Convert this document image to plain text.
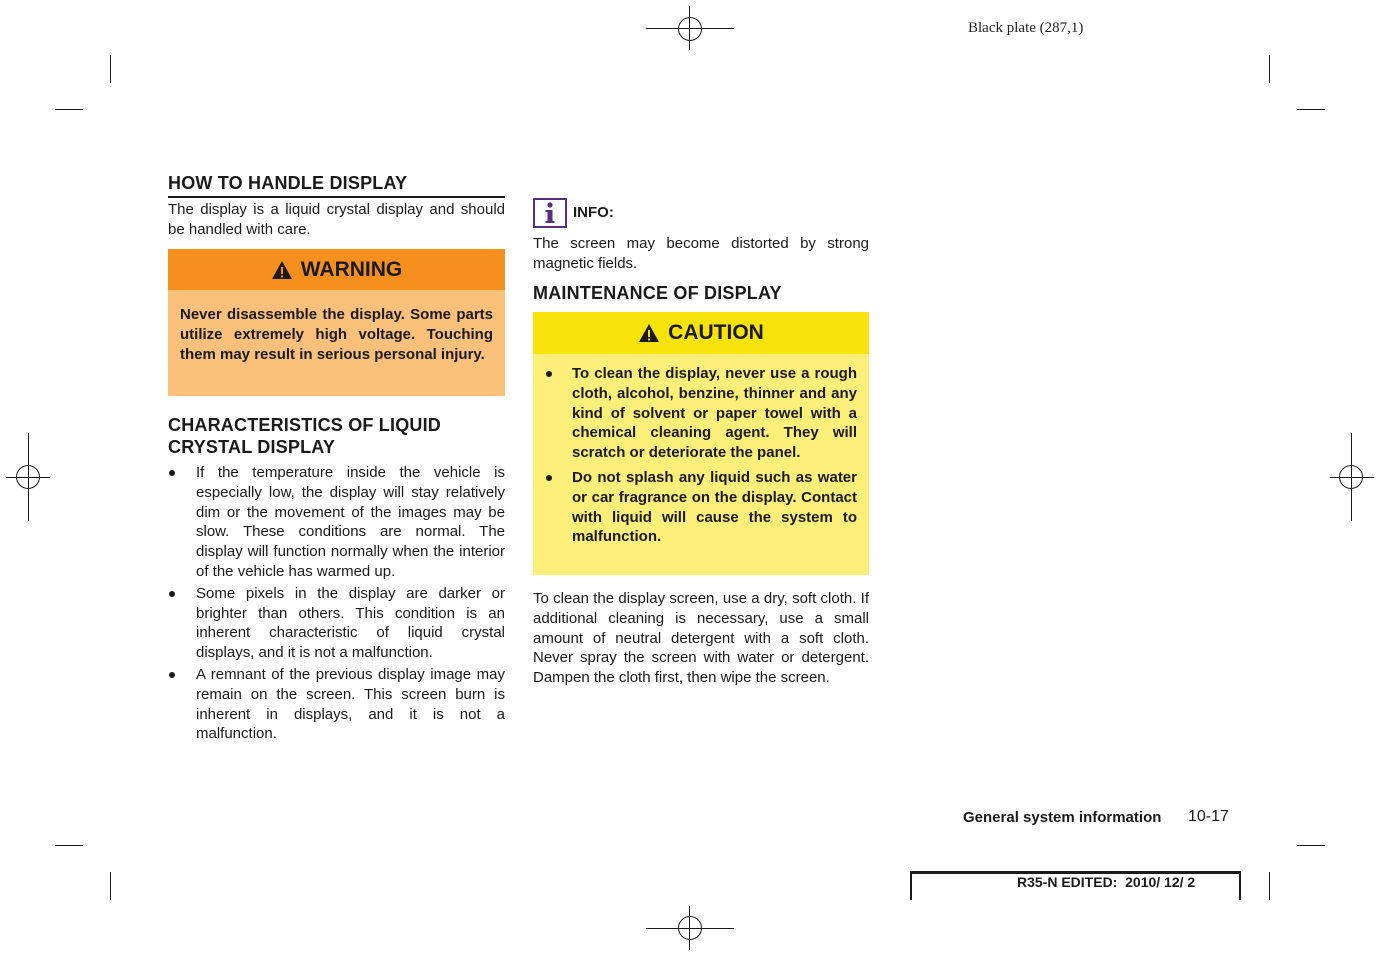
Black plate (287,1)
HOW TO HANDLE DISPLAY
The display is a liquid crystal display and should be handled with care.
WARNING
Never disassemble the display. Some parts utilize extremely high voltage. Touching them may result in serious personal injury.
CHARACTERISTICS OF LIQUID
CRYSTAL DISPLAY
If the temperature inside the vehicle is especially low, the display will stay relatively dim or the movement of the images may be slow. These conditions are normal. The display will function normally when the interior of the vehicle has warmed up.
Some pixels in the display are darker or brighter than others. This condition is an inherent characteristic of liquid crystal displays, and it is not a malfunction.
A remnant of the previous display image may remain on the screen. This screen burn is inherent in displays, and it is not a malfunction.
INFO:
The screen may become distorted by strong magnetic fields.
MAINTENANCE OF DISPLAY
CAUTION
To clean the display, never use a rough cloth, alcohol, benzine, thinner and any kind of solvent or paper towel with a chemical cleaning agent. They will scratch or deteriorate the panel.
Do not splash any liquid such as water or car fragrance on the display. Contact with liquid will cause the system to malfunction.
To clean the display screen, use a dry, soft cloth. If additional cleaning is necessary, use a small amount of neutral detergent with a soft cloth. Never spray the screen with water or detergent. Dampen the cloth first, then wipe the screen.
General system information 10-17
R35-N EDITED:  2010/ 12/ 2
